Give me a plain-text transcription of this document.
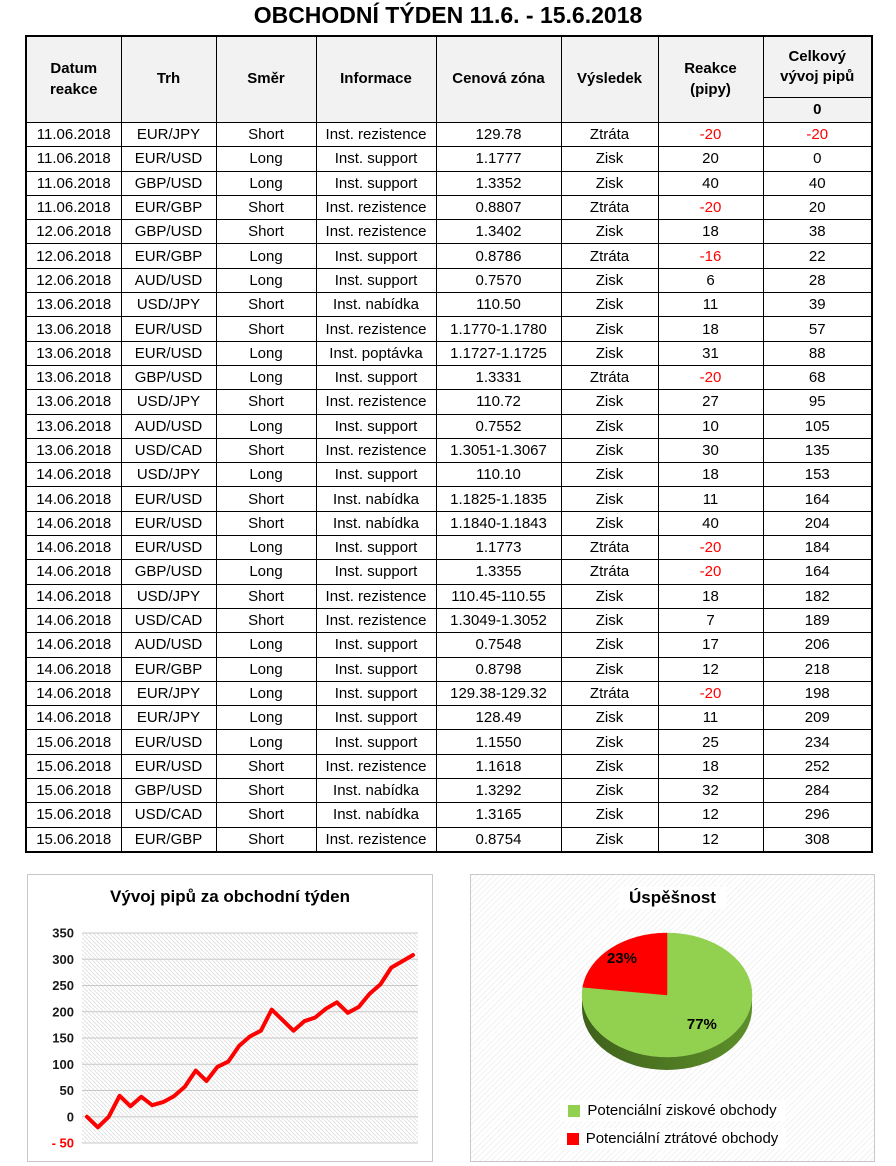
OBCHODNÍ TÝDEN 11.6. - 15.6.2018
Datum reakce	Trh	Směr	Informace	Cenová zóna	Výsledek	Reakce (pipy)	Celkový vývoj pipů
							0
11.06.2018	EUR/JPY	Short	Inst. rezistence	129.78	Ztráta	-20	-20
11.06.2018	EUR/USD	Long	Inst. support	1.1777	Zisk	20	0
11.06.2018	GBP/USD	Long	Inst. support	1.3352	Zisk	40	40
11.06.2018	EUR/GBP	Short	Inst. rezistence	0.8807	Ztráta	-20	20
12.06.2018	GBP/USD	Short	Inst. rezistence	1.3402	Zisk	18	38
12.06.2018	EUR/GBP	Long	Inst. support	0.8786	Ztráta	-16	22
12.06.2018	AUD/USD	Long	Inst. support	0.7570	Zisk	6	28
13.06.2018	USD/JPY	Short	Inst. nabídka	110.50	Zisk	11	39
13.06.2018	EUR/USD	Short	Inst. rezistence	1.1770-1.1780	Zisk	18	57
13.06.2018	EUR/USD	Long	Inst. poptávka	1.1727-1.1725	Zisk	31	88
13.06.2018	GBP/USD	Long	Inst. support	1.3331	Ztráta	-20	68
13.06.2018	USD/JPY	Short	Inst. rezistence	110.72	Zisk	27	95
13.06.2018	AUD/USD	Long	Inst. support	0.7552	Zisk	10	105
13.06.2018	USD/CAD	Short	Inst. rezistence	1.3051-1.3067	Zisk	30	135
14.06.2018	USD/JPY	Long	Inst. support	110.10	Zisk	18	153
14.06.2018	EUR/USD	Short	Inst. nabídka	1.1825-1.1835	Zisk	11	164
14.06.2018	EUR/USD	Short	Inst. nabídka	1.1840-1.1843	Zisk	40	204
14.06.2018	EUR/USD	Long	Inst. support	1.1773	Ztráta	-20	184
14.06.2018	GBP/USD	Long	Inst. support	1.3355	Ztráta	-20	164
14.06.2018	USD/JPY	Short	Inst. rezistence	110.45-110.55	Zisk	18	182
14.06.2018	USD/CAD	Short	Inst. rezistence	1.3049-1.3052	Zisk	7	189
14.06.2018	AUD/USD	Long	Inst. support	0.7548	Zisk	17	206
14.06.2018	EUR/GBP	Long	Inst. support	0.8798	Zisk	12	218
14.06.2018	EUR/JPY	Long	Inst. support	129.38-129.32	Ztráta	-20	198
14.06.2018	EUR/JPY	Long	Inst. support	128.49	Zisk	11	209
15.06.2018	EUR/USD	Long	Inst. support	1.1550	Zisk	25	234
15.06.2018	EUR/USD	Short	Inst. rezistence	1.1618	Zisk	18	252
15.06.2018	GBP/USD	Short	Inst. nabídka	1.3292	Zisk	32	284
15.06.2018	USD/CAD	Short	Inst. nabídka	1.3165	Zisk	12	296
15.06.2018	EUR/GBP	Short	Inst. rezistence	0.8754	Zisk	12	308
Vývoj pipů za obchodní týden
350
300
250
200
150
100
50
0
- 50
77%
23%
Úspěšnost
Potenciální ziskové obchody
Potenciální ztrátové obchody
